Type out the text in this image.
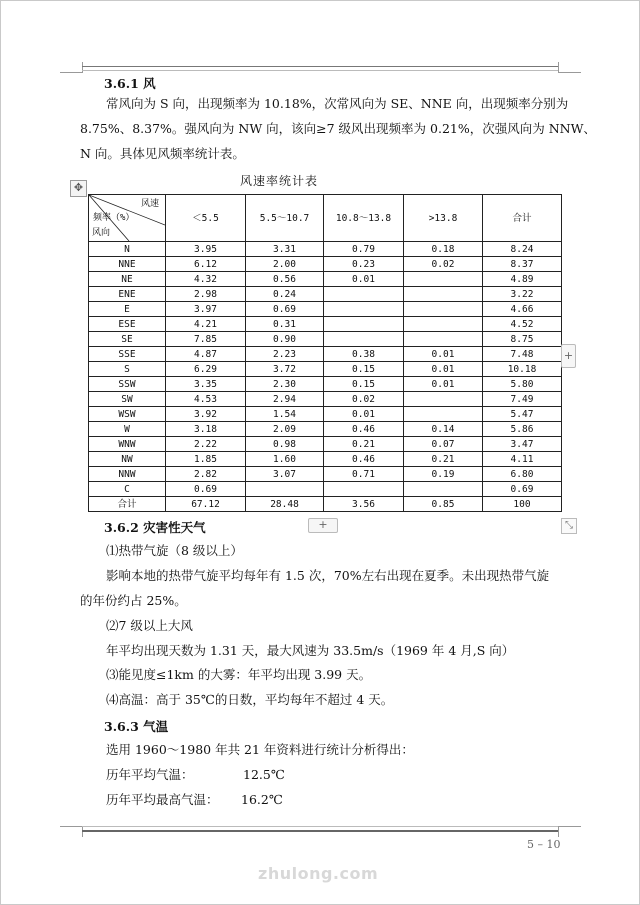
3.6.1 风
常风向为 S 向，出现频率为 10.18%，次常风向为 SE、NNE 向，出现频率分别为
8.75%、8.37%。强风向为 NW 向，该向≥7 级风出现频率为 0.21%，次强风向为 NNW、
N 向。具体见风频率统计表。
✥	风速率统计表
风速
频率（%）
风向	＜5.5	5.5～10.7	10.8～13.8	>13.8	合计
N	3.95	3.31	0.79	0.18	8.24
NNE	6.12	2.00	0.23	0.02	8.37
NE	4.32	0.56	0.01		4.89
ENE	2.98	0.24			3.22
E	3.97	0.69			4.66
ESE	4.21	0.31			4.52
SE	7.85	0.90			8.75
SSE	4.87	2.23	0.38	0.01	7.48
S	6.29	3.72	0.15	0.01	10.18
SSW	3.35	2.30	0.15	0.01	5.80
SW	4.53	2.94	0.02		7.49
WSW	3.92	1.54	0.01		5.47
W	3.18	2.09	0.46	0.14	5.86
WNW	2.22	0.98	0.21	0.07	3.47
NW	1.85	1.60	0.46	0.21	4.11
NNW	2.82	3.07	0.71	0.19	6.80
C	0.69				0.69
合计	67.12	28.48	3.56	0.85	100
+
+	⤡
3.6.2 灾害性天气
⑴热带气旋（8 级以上）
影响本地的热带气旋平均每年有 1.5 次，70%左右出现在夏季。未出现热带气旋
的年份约占 25%。
⑵7 级以上大风
年平均出现天数为 1.31 天，最大风速为 33.5m/s（1969 年 4 月,S 向）
⑶能见度≤1km 的大雾：年平均出现 3.99 天。
⑷高温：高于 35℃的日数，平均每年不超过 4 天。
3.6.3 气温
选用 1960～1980 年共 21 年资料进行统计分析得出：
历年平均气温：	12.5℃
历年平均最高气温： 16.2℃
5 – 10
zhulong.com
